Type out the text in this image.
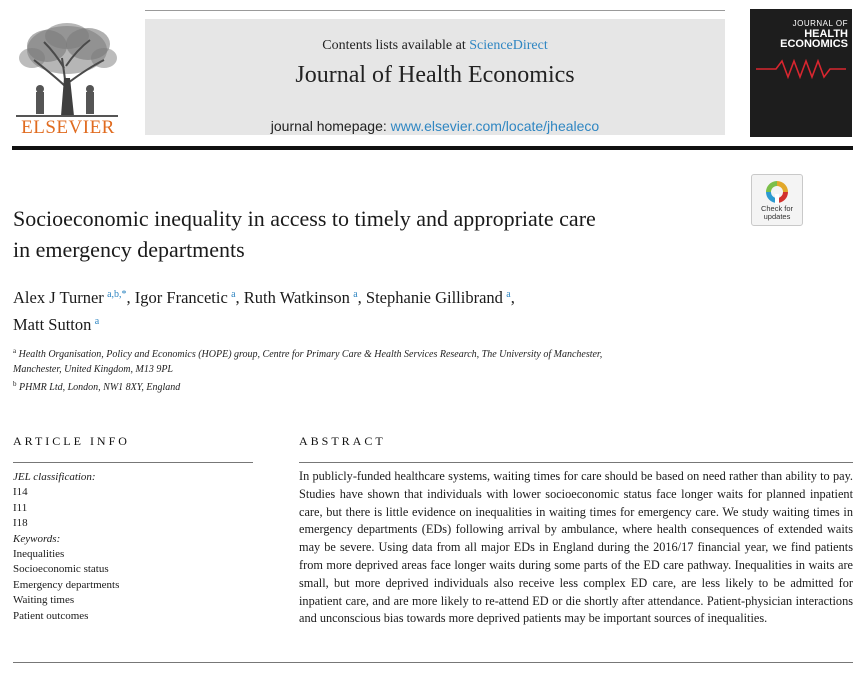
ELSEVIER
Contents lists available at ScienceDirect
Journal of Health Economics
journal homepage: www.elsevier.com/locate/jhealeco
JOURNAL OF
HEALTH
ECONOMICS
Check for
updates
Socioeconomic inequality in access to timely and appropriate care
in emergency departments
Alex J Turner  $^{a,b,*}$, Igor Francetic  $^a$, Ruth Watkinson  $^a$, Stephanie Gillibrand  $^a$,
Matt Sutton  $^a$
$^a$ Health Organisation, Policy and Economics (HOPE) group, Centre for Primary Care & Health Services Research, The University of Manchester,
Manchester, United Kingdom, M13 9PL
$^b$ PHMR Ltd, London, NW1 8XY, England
ARTICLE INFO
JEL classification:
I14
I11
I18
Keywords:
Inequalities
Socioeconomic status
Emergency departments
Waiting times
Patient outcomes
ABSTRACT
In publicly-funded healthcare systems, waiting times for care should be based on need rather than ability to pay. Studies have shown that individuals with lower socioeconomic status face longer waits for planned inpatient care, but there is little evidence on inequalities in waiting times for emergency care. We study waiting times in emergency departments (EDs) following arrival by ambulance, where health consequences of extended waits may be severe. Using data from all major EDs in England during the 2016/17 financial year, we find patients from more deprived areas face longer waits during some parts of the ED care pathway. Inequalities in waits are small, but more deprived individuals also receive less complex ED care, are less likely to be admitted for inpatient care, and are more likely to re-attend ED or die shortly after attendance. Patient-physician interactions and unconscious bias towards more deprived patients may be important sources of inequalities.
